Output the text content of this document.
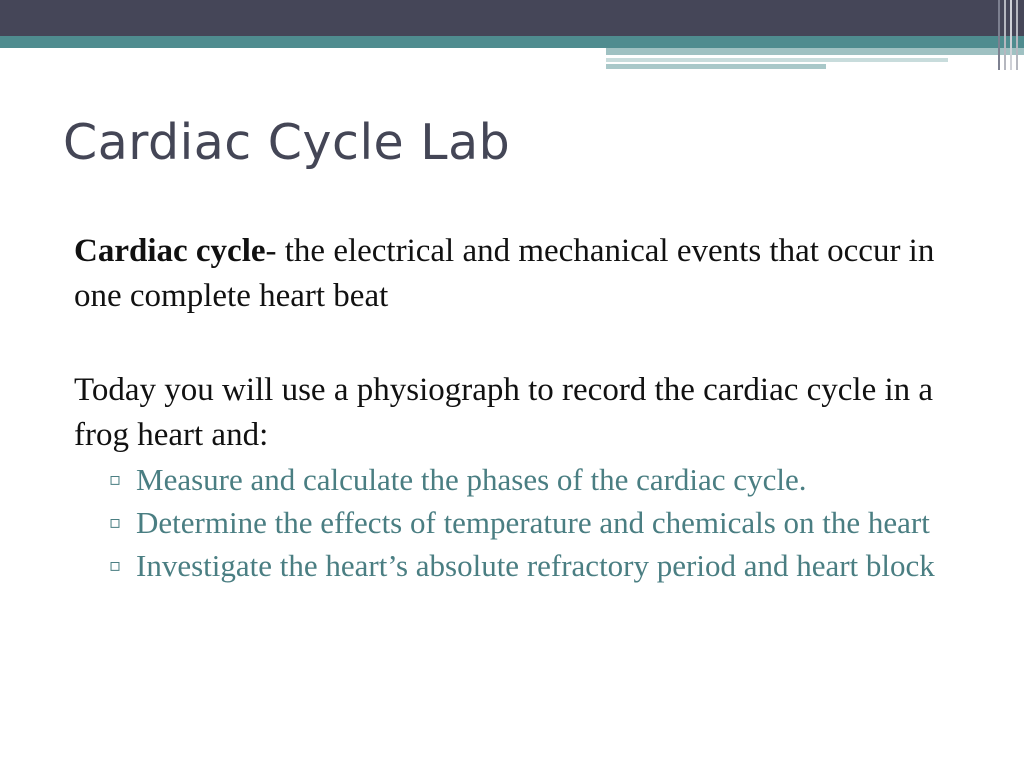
Cardiac Cycle Lab

Cardiac cycle- the electrical and mechanical events that occur in one complete heart beat

Today you will use a physiograph to record the cardiac cycle in a frog heart and:

▫ Measure and calculate the phases of the cardiac cycle.
▫ Determine the effects of temperature and chemicals on the heart
▫ Investigate the heart’s absolute refractory period and heart block
